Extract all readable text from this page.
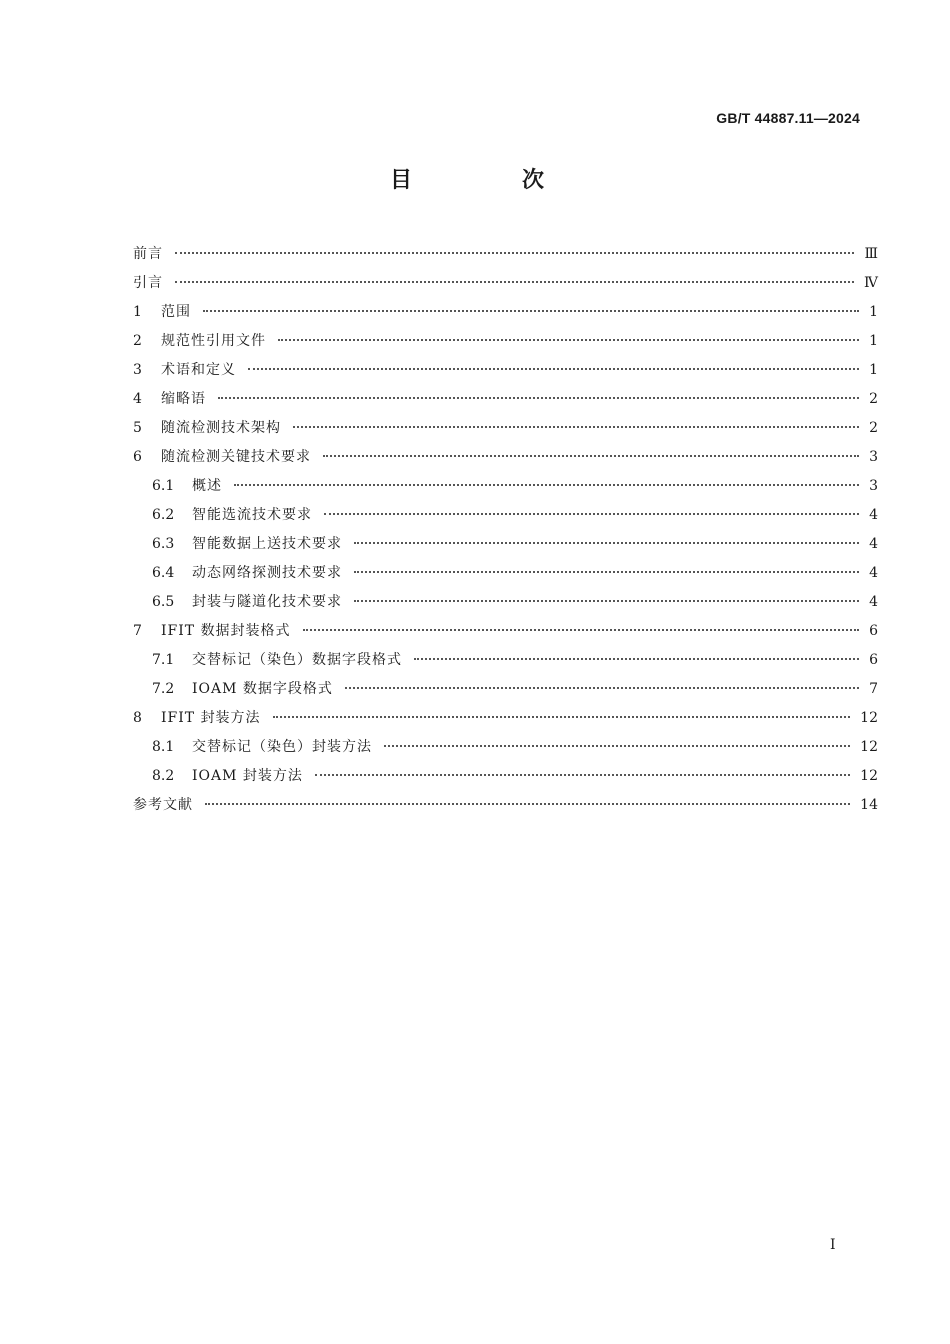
GB/T 44887.11—2024
目　次
前言	Ⅲ
引言	Ⅳ
1	范围	1
2	规范性引用文件	1
3	术语和定义	1
4	缩略语	2
5	随流检测技术架构	2
6	随流检测关键技术要求	3
6.1	概述	3
6.2	智能选流技术要求	4
6.3	智能数据上送技术要求	4
6.4	动态网络探测技术要求	4
6.5	封装与隧道化技术要求	4
7	IFIT 数据封装格式	6
7.1	交替标记（染色）数据字段格式	6
7.2	IOAM 数据字段格式	7
8	IFIT 封装方法	12
8.1	交替标记（染色）封装方法	12
8.2	IOAM 封装方法	12
参考文献	14
Ⅰ
